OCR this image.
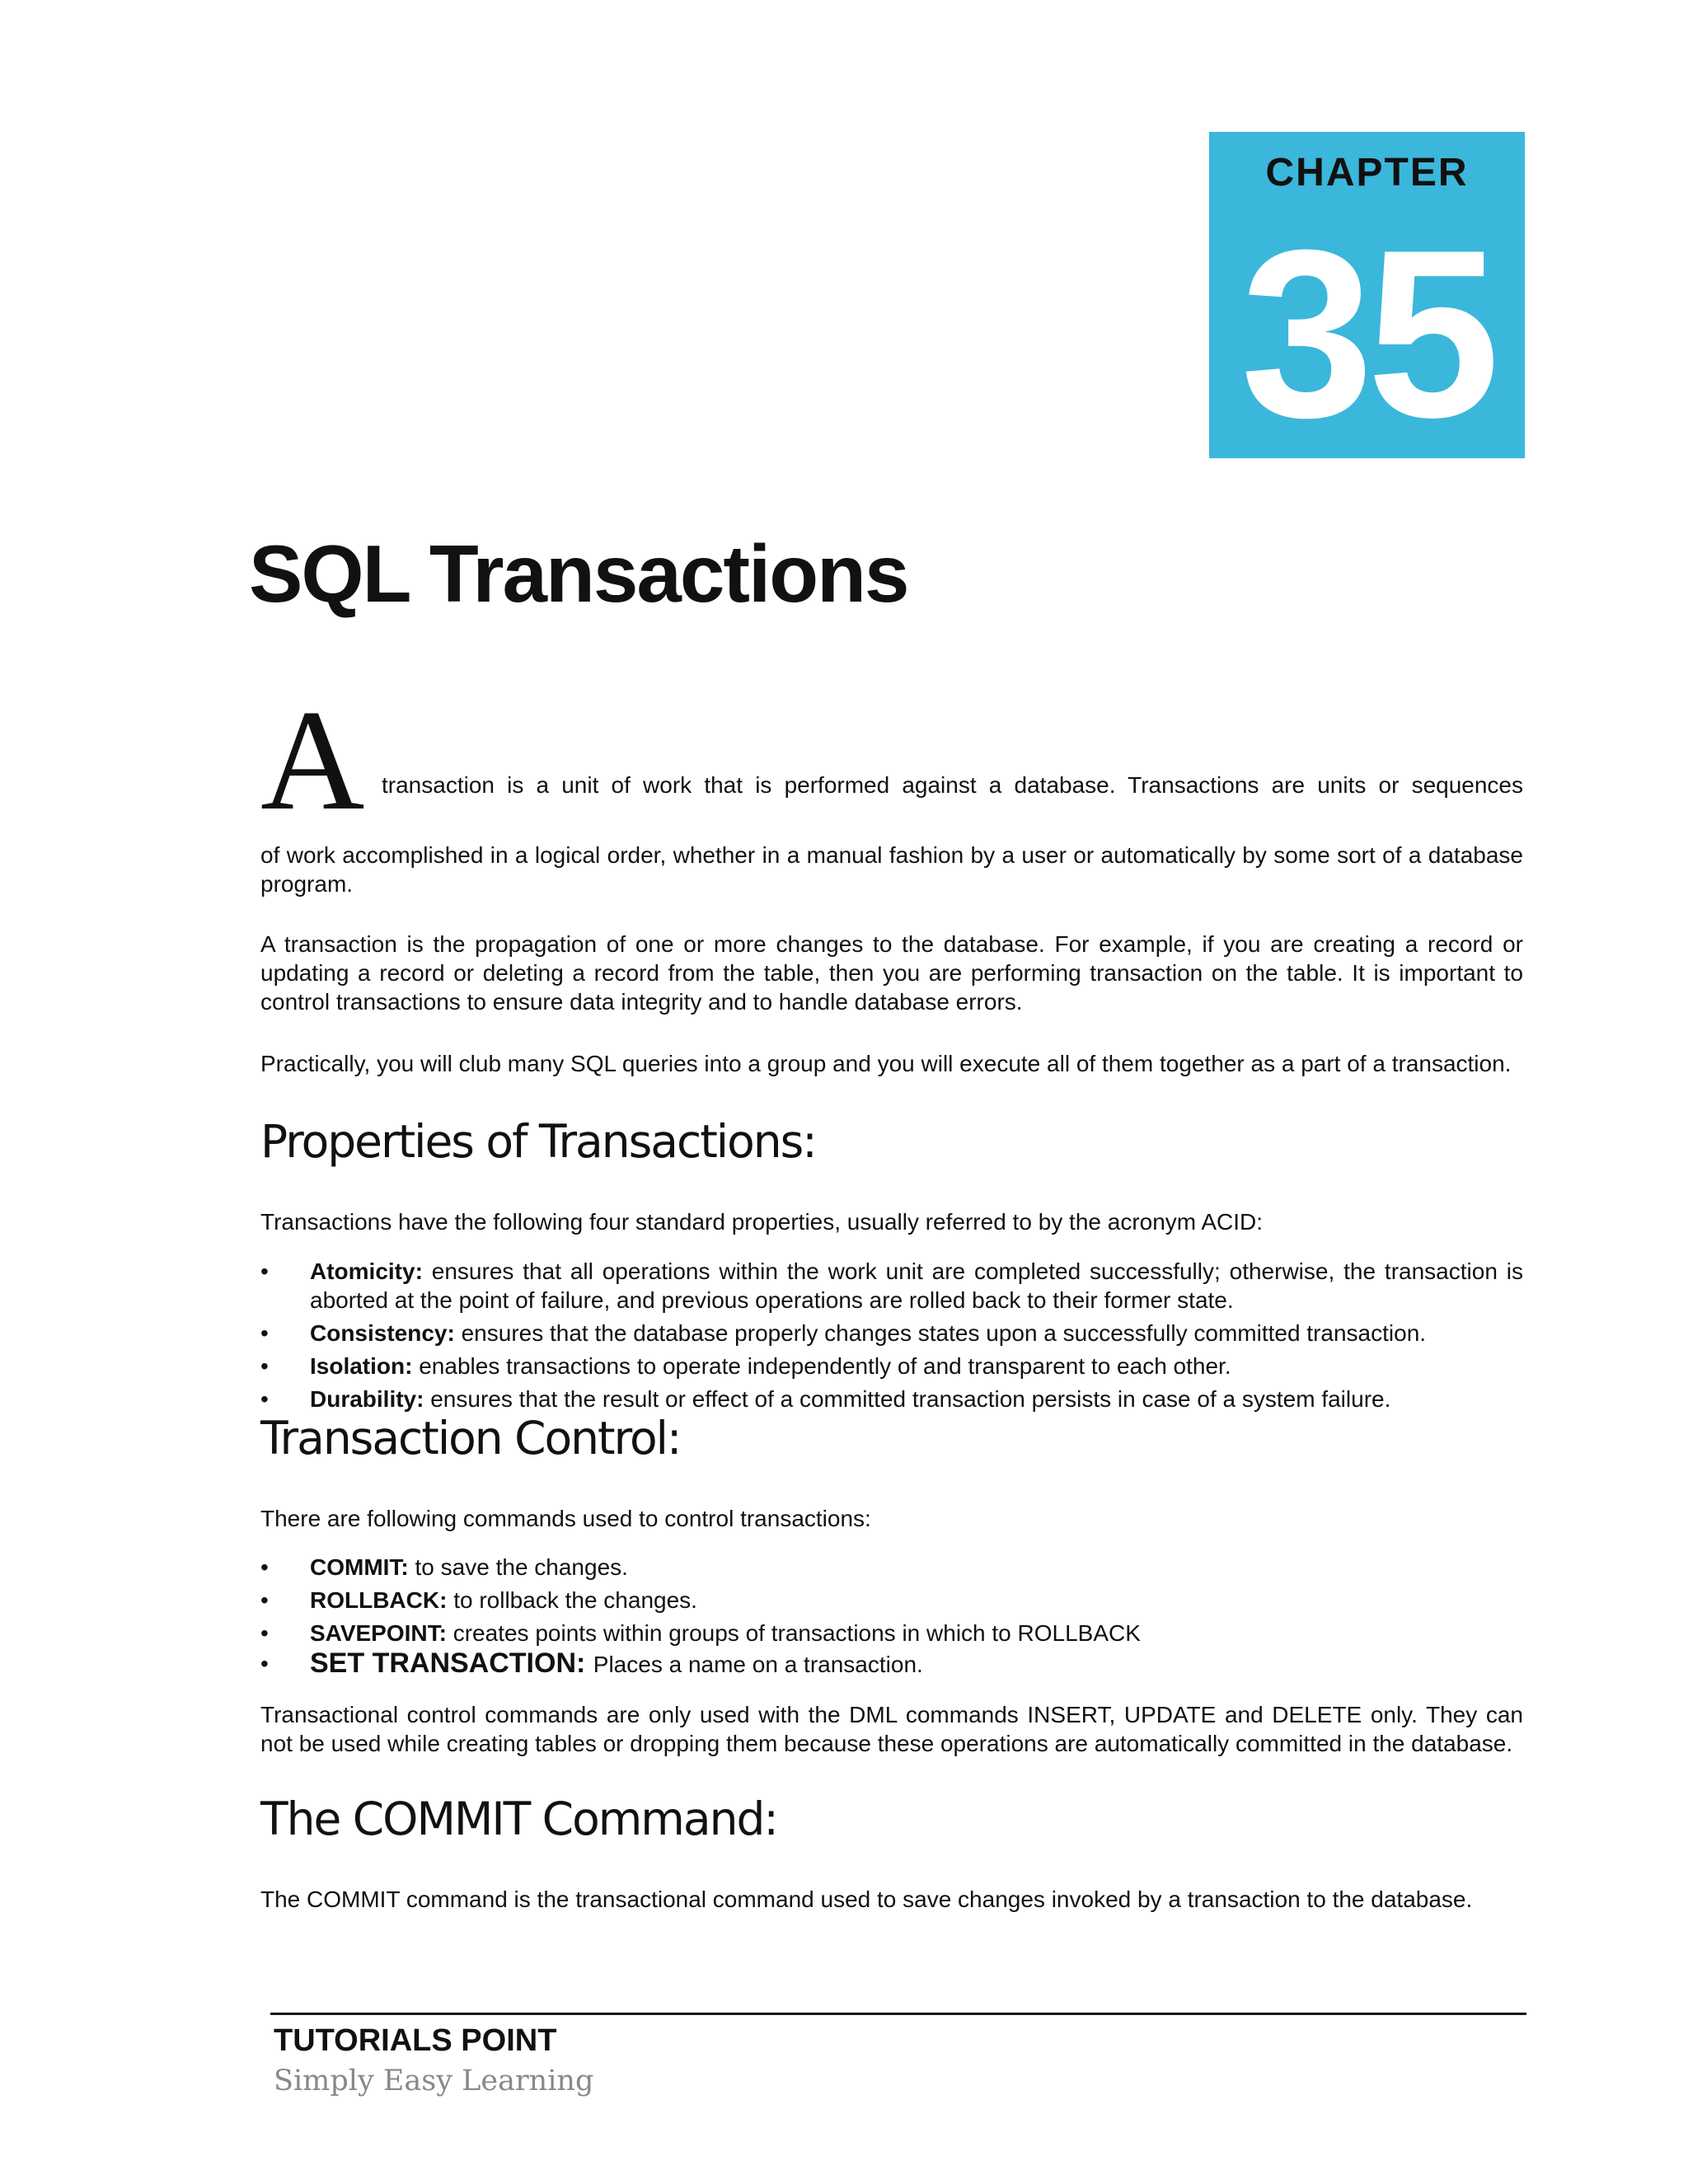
CHAPTER
35
SQL Transactions
A transaction is a unit of work that is performed against a database. Transactions are units or sequences

of work accomplished in a logical order, whether in a manual fashion by a user or automatically by some sort of a database program.

A transaction is the propagation of one or more changes to the database. For example, if you are creating a record or updating a record or deleting a record from the table, then you are performing transaction on the table. It is important to control transactions to ensure data integrity and to handle database errors.

Practically, you will club many SQL queries into a group and you will execute all of them together as a part of a transaction.

Properties of Transactions:

Transactions have the following four standard properties, usually referred to by the acronym ACID:

• Atomicity: ensures that all operations within the work unit are completed successfully; otherwise, the transaction is aborted at the point of failure, and previous operations are rolled back to their former state.
• Consistency: ensures that the database properly changes states upon a successfully committed transaction.
• Isolation: enables transactions to operate independently of and transparent to each other.
• Durability: ensures that the result or effect of a committed transaction persists in case of a system failure.
Transaction Control:

There are following commands used to control transactions:

• COMMIT: to save the changes.
• ROLLBACK: to rollback the changes.
• SAVEPOINT: creates points within groups of transactions in which to ROLLBACK
• SET TRANSACTION: Places a name on a transaction.

Transactional control commands are only used with the DML commands INSERT, UPDATE and DELETE only. They can not be used while creating tables or dropping them because these operations are automatically committed in the database.

The COMMIT Command:

The COMMIT command is the transactional command used to save changes invoked by a transaction to the database.

TUTORIALS POINT
Simply Easy Learning
